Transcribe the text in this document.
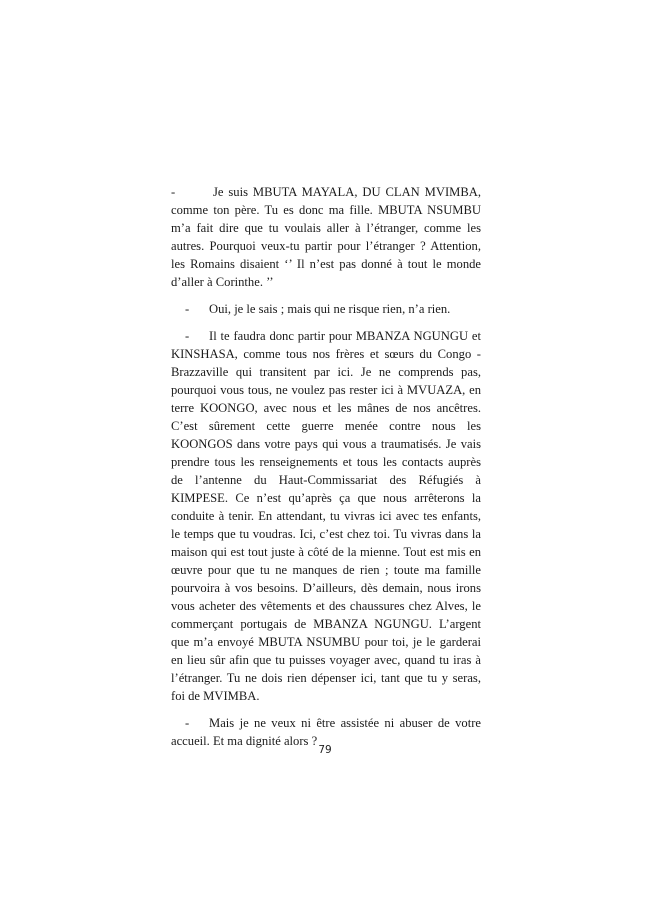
-	Je suis MBUTA MAYALA, DU CLAN MVIMBA, comme ton père. Tu es donc ma fille. MBUTA NSUMBU m’a fait dire que tu voulais aller à l’étranger, comme les autres. Pourquoi veux-tu partir pour l’étranger ? Attention, les Romains disaient ‘’ Il n’est pas donné à tout le monde d’aller à Corinthe. ’’

- Oui, je le sais ; mais qui ne risque rien, n’a rien.

- Il te faudra donc partir pour MBANZA NGUNGU et KINSHASA, comme tous nos frères et sœurs du Congo - Brazzaville qui transitent par ici. Je ne comprends pas, pourquoi vous tous, ne voulez pas rester ici à MVUAZA, en terre KOONGO, avec nous et les mânes de nos ancêtres. C’est sûrement cette guerre menée contre nous les KOONGOS dans votre pays qui vous a traumatisés. Je vais prendre tous les renseignements et tous les contacts auprès de l’antenne du Haut-Commissariat des Réfugiés à KIMPESE. Ce n’est qu’après ça que nous arrêterons la conduite à tenir. En attendant, tu vivras ici avec tes enfants, le temps que tu voudras. Ici, c’est chez toi. Tu vivras dans la maison qui est tout juste à côté de la mienne. Tout est mis en œuvre pour que tu ne manques de rien ; toute ma famille pourvoira à vos besoins. D’ailleurs, dès demain, nous irons vous acheter des vêtements et des chaussures chez Alves, le commerçant portugais de MBANZA NGUNGU. L’argent que m’a envoyé MBUTA NSUMBU pour toi, je le garderai en lieu sûr afin que tu puisses voyager avec, quand tu iras à l’étranger. Tu ne dois rien dépenser ici, tant que tu y seras, foi de MVIMBA.

- Mais je ne veux ni être assistée ni abuser de votre accueil. Et ma dignité alors ?

79
